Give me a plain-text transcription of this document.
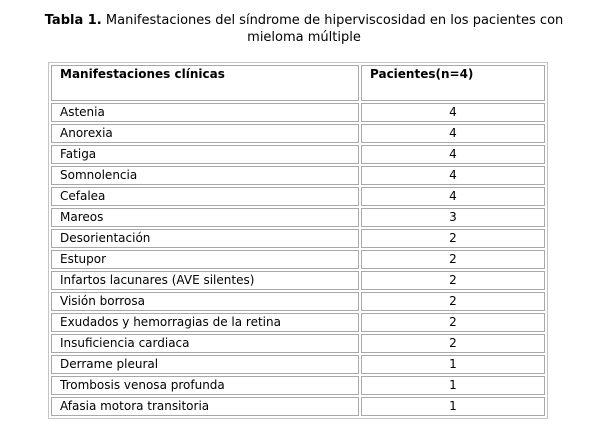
Tabla 1. Manifestaciones del síndrome de hiperviscosidad en los pacientes con mieloma múltiple
Manifestaciones clínicas	Pacientes(n=4)
Astenia	4
Anorexia	4
Fatiga	4
Somnolencia	4
Cefalea	4
Mareos	3
Desorientación	2
Estupor	2
Infartos lacunares (AVE silentes)	2
Visión borrosa	2
Exudados y hemorragias de la retina	2
Insuficiencia cardiaca	2
Derrame pleural	1
Trombosis venosa profunda	1
Afasia motora transitoria	1
